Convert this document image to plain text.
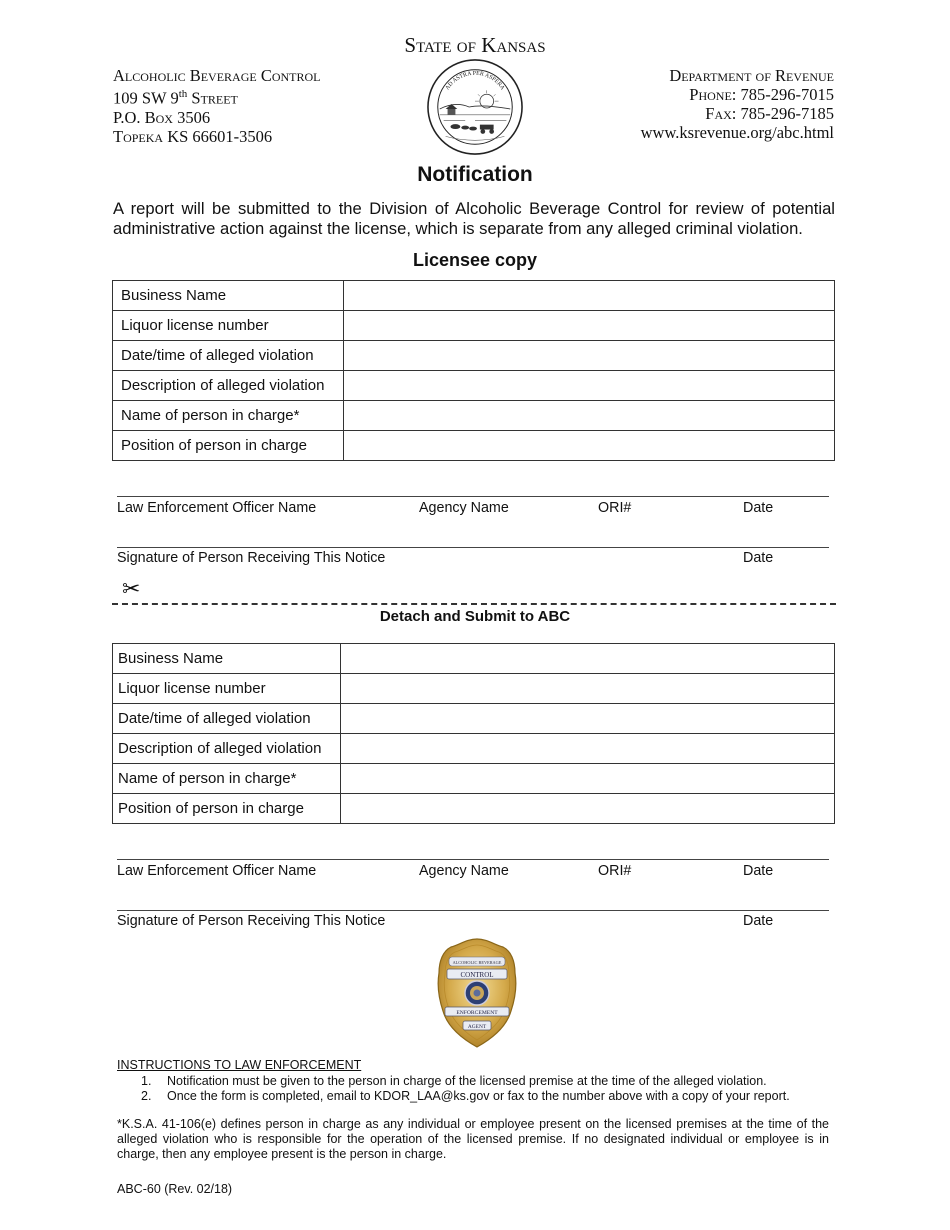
State of Kansas
Alcoholic Beverage Control
109 SW 9th Street
P.O. Box 3506
Topeka KS 66601-3506
AD ASTRA PER ASPERA
Department of Revenue
Phone: 785-296-7015
Fax: 785-296-7185
www.ksrevenue.org/abc.html
Notification
A report will be submitted to the Division of Alcoholic Beverage Control for review of potential administrative action against the license, which is separate from any alleged criminal violation.
Licensee copy
Business Name	
Liquor license number	
Date/time of alleged violation	
Description of alleged violation	
Name of person in charge*	
Position of person in charge	
Law Enforcement Officer Name	Agency Name	ORI#	Date
Signature of Person Receiving This Notice	Date
✂
Detach and Submit to ABC
Business Name	
Liquor license number	
Date/time of alleged violation	
Description of alleged violation	
Name of person in charge*	
Position of person in charge	
Law Enforcement Officer Name	Agency Name	ORI#	Date
Signature of Person Receiving This Notice	Date
ALCOHOLIC BEVERAGE
CONTROL
ENFORCEMENT
AGENT
INSTRUCTIONS TO LAW ENFORCEMENT
1. Notification must be given to the person in charge of the licensed premise at the time of the alleged violation.
2. Once the form is completed, email to KDOR_LAA@ks.gov or fax to the number above with a copy of your report.
*K.S.A. 41-106(e) defines person in charge as any individual or employee present on the licensed premises at the time of the alleged violation who is responsible for the operation of the licensed premise. If no designated individual or employee is in charge, then any employee present is the person in charge.
ABC-60 (Rev. 02/18)
